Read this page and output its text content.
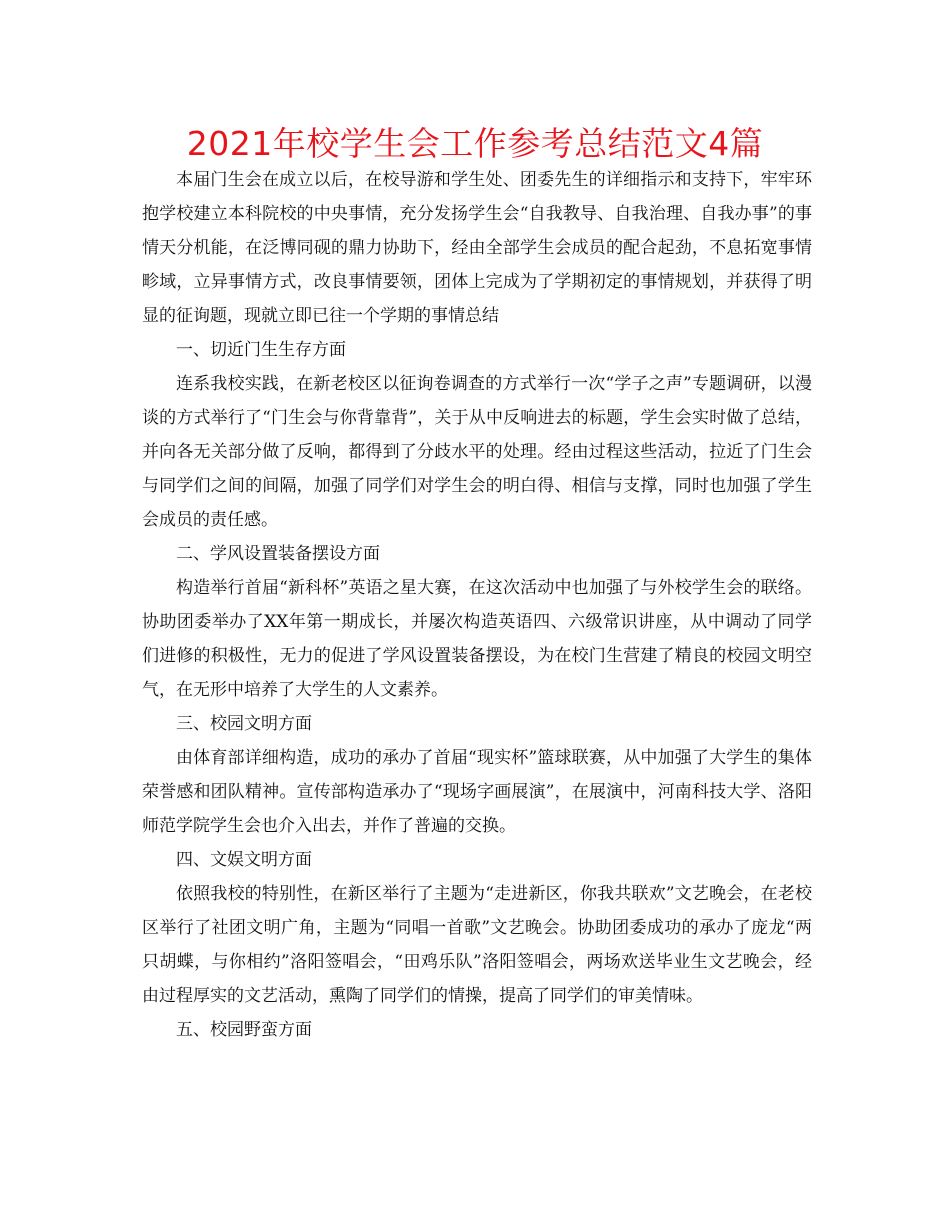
2021年校学生会工作参考总结范文4篇

本届门生会在成立以后，在校导游和学生处、团委先生的详细指示和支持下，牢牢环抱学校建立本科院校的中央事情，充分发扬学生会“自我教导、自我治理、自我办事”的事情天分机能，在泛博同砚的鼎力协助下，经由全部学生会成员的配合起劲，不息拓宽事情畛域，立异事情方式，改良事情要领，团体上完成为了学期初定的事情规划，并获得了明显的征询题，现就立即已往一个学期的事情总结

一、切近门生生存方面

连系我校实践，在新老校区以征询卷调查的方式举行一次“学子之声”专题调研，以漫谈的方式举行了“门生会与你背靠背”，关于从中反响进去的标题，学生会实时做了总结，并向各无关部分做了反响，都得到了分歧水平的处理。经由过程这些活动，拉近了门生会与同学们之间的间隔，加强了同学们对学生会的明白得、相信与支撑，同时也加强了学生会成员的责任感。

二、学风设置装备摆设方面

构造举行首届“新科杯”英语之星大赛，在这次活动中也加强了与外校学生会的联络。协助团委举办了XX年第一期成长，并屡次构造英语四、六级常识讲座，从中调动了同学们进修的积极性，无力的促进了学风设置装备摆设，为在校门生营建了精良的校园文明空气，在无形中培养了大学生的人文素养。

三、校园文明方面

由体育部详细构造，成功的承办了首届“现实杯”篮球联赛，从中加强了大学生的集体荣誉感和团队精神。宣传部构造承办了“现场字画展演”，在展演中，河南科技大学、洛阳师范学院学生会也介入出去，并作了普遍的交换。

四、文娱文明方面

依照我校的特别性，在新区举行了主题为“走进新区，你我共联欢”文艺晚会，在老校区举行了社团文明广角，主题为“同唱一首歌”文艺晚会。协助团委成功的承办了庞龙“两只胡蝶，与你相约”洛阳签唱会，“田鸡乐队”洛阳签唱会，两场欢送毕业生文艺晚会，经由过程厚实的文艺活动，熏陶了同学们的情操，提高了同学们的审美情味。

五、校园野蛮方面
